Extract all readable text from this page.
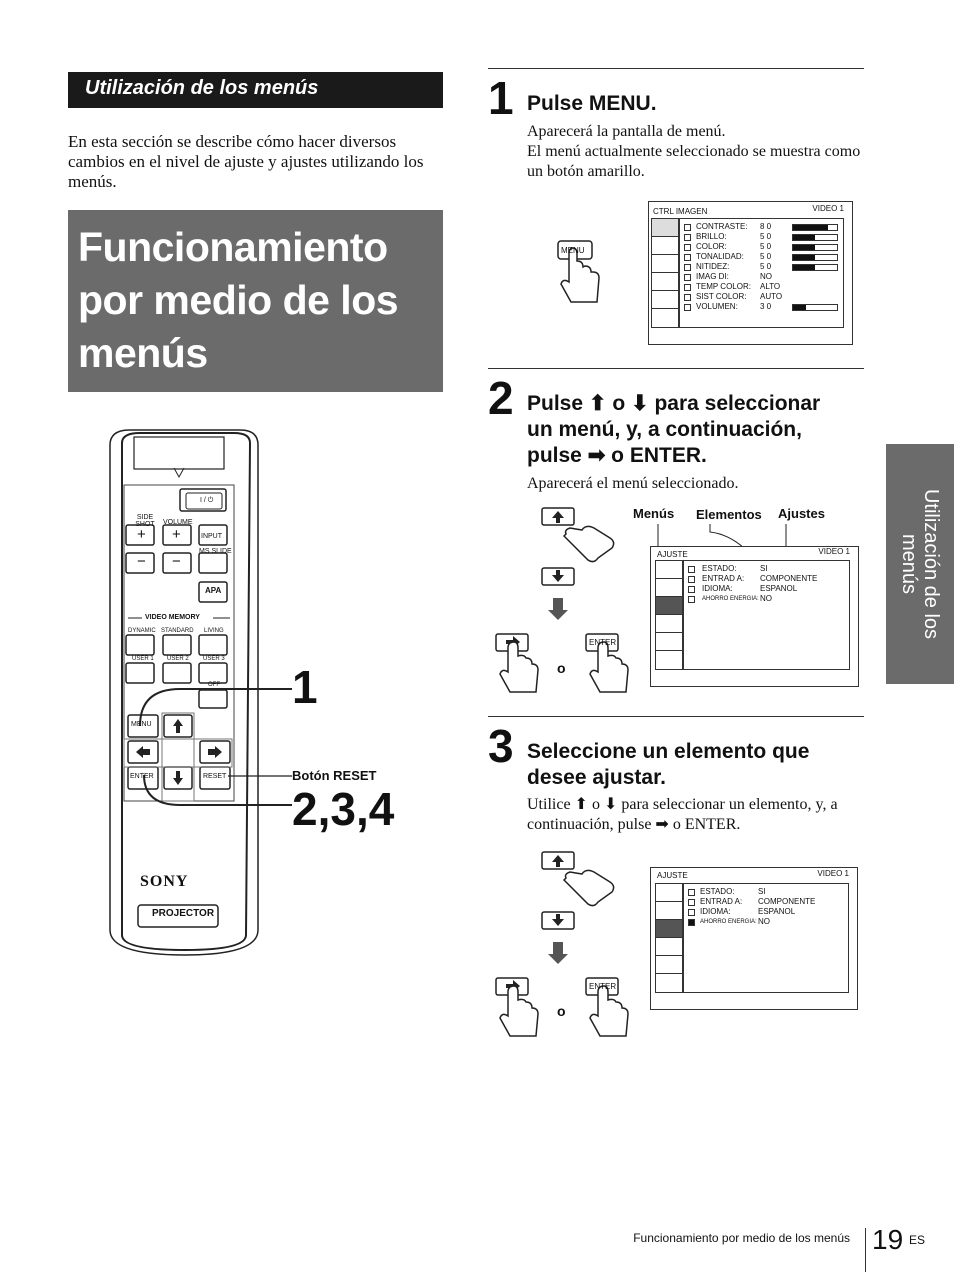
Utilización de los menús
En esta sección se describe cómo hacer diversos cambios en el nivel de ajuste y ajustes utilizando los menús.
Funcionamiento
por medio de los
menús
I / ⏻
SIDE SHOT	VOLUME
+ +	INPUT
MS SLIDE
− −
APA
VIDEO MEMORY
DYNAMIC STANDARD LIVING
USER 1 USER 2 USER 3
OFF
MENU
ENTER	RESET
SONY
PROJECTOR
1
Botón RESET
2,3,4
1 Pulse MENU.
Aparecerá la pantalla de menú.
El menú actualmente seleccionado se muestra como un botón amarillo.
MENU
CTRL IMAGEN	VIDEO 1
CONTRASTE: 8 0
BRILLO:	5 0
COLOR:	5 0
TONALIDAD: 5 0
NITIDEZ:	5 0
IMAG DI:	NO
TEMP COLOR: ALTO
SIST COLOR: AUTO
VOLUMEN:	3 0
2 Pulse ⬆ o ⬇ para seleccionar
un menú, y, a continuación,
pulse ➡ o ENTER.
Aparecerá el menú seleccionado.
o
ENTER
Menús Elementos Ajustes
AJUSTE	VIDEO 1
ESTADO:	SI
ENTRAD A: COMPONENTE
IDIOMA:	ESPANOL
AHORRO ENERGIA: NO
3 Seleccione un elemento que
desee ajustar.
Utilice ⬆ o ⬇ para seleccionar un elemento, y, a
continuación, pulse ➡ o ENTER.
o
ENTER
AJUSTE	VIDEO 1
ESTADO:	SI
ENTRAD A: COMPONENTE
IDIOMA:	ESPANOL
AHORRO ENERGIA: NO
Utilización de los
menús
Funcionamiento por medio de los menús 19 ES
